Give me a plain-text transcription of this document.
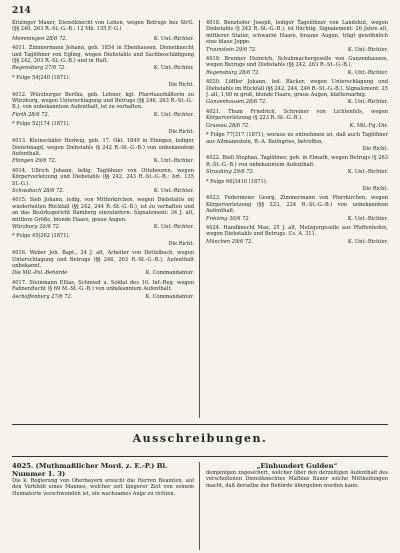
214

Kitzinger Maxer, Dienstknecht von Lehen, wegen Betrugs bez StrG. (§§ 240, 263 R.-St.-G.-B.; 12 Mk. 135 F.-G.)

Memmingen 28/6 72.	K. Unt.-Richter.

4011. Zimmermann Johann, geb. 1854 in Ebenhausen, Dienstknecht und Taglöhner von Egling, wegen Diebstahls und Sachbeschädigung (§§ 242, 303 R.-St.-G.-B.) und in Haft.

Regensburg 27/6 72.	K. Unt.-Richter.

* Folge 54|240 (1871).

Die Richt.

4012. Würzburger Bertha, geb. Lehner, kgl. Pfarrhaushälterin zu Würzburg, wegen Unterschlagung und Betrugs (§§ 246, 263 R.-St.-G.-B.), von unbekanntem Aufenthalt, ist zu verhaften.

Fürth 28/6 72.	K. Unt.-Richter.

* Folge 52|174 (1871).

Die Richt.

4013. Kleinschäfer Hedwig, geb. 17. Okt. 1849 in Ehingen, lediger Dienstmagd, wegen Diebstahls (§ 242 R.-St.-G.-B.) von unbekanntem Aufenthalt.

Ehingen 29/6 72.	K. Unt.-Richter.

4014. Ullrich Johann, ledig, Taglöhner von Ottobeuren, wegen Körperverletzung und Diebstahls (§§ 242, 243 R.-St.-G.-B.; Art. 135 St.-G.).

Schwabach 28/6 72.	K. Unt.-Richter.

4015. Sieb Johann, ledig, von Mitterkirchen, wegen Diebstahls im wiederholten Rückfall (§§ 242, 244 R.-St.-G.-B.), ist zu verhaften und an das Bezirksgericht Bamberg einzuliefern. Signalement: 34 J. alt, mittlere Größe, blonde Haare, graue Augen.

Würzburg 26/6 72.	K. Unt.-Richter.

* Folge 45|262 (1871).

Die Richt.

4016. Weber Joh. Bapt., 24 J. alt, Arbeiter von Dettelbach, wegen Unterschlagung und Betrugs (§§ 246, 263 R.-St.-G.-B.), Aufenthalt unbekannt.

Die Mil.-Pol.-Behörde	K. Commandantur.

4017. Steinmann Ellias, Schmied u. Soldat des 10. Inf.-Reg. wegen Fahnenflucht (§ 69 M.-St.-G.-B.) von unbekanntem Aufenthalt.

Aschaffenburg 27/6 72.	K. Commandantur.

4018. Benzhofer Joseph, lediger Tagelöhner von Landshut, wegen Diebstahls (§ 242 R.-St.-G.-B.), ist flüchtig. Signalement: 26 Jahre alt, mittlerer Statur, schwarze Haare, braune Augen, trägt gewöhnlich eine blaue Joppe.

Traunstein 29/6 72.	K. Unt.-Richter.

4019. Brunner Heinrich, Schuhmachergeselle von Gunzenhausen, wegen Betrugs und Diebstahls (§§ 242, 263 R.-St.-G.-B.).

Regensburg 28/6 72.	K. Unt.-Richter.

4020. Löffler Johann, led. Bäcker, wegen Unterschlagung und Diebstahls im Rückfall (§§ 242, 244, 246 R.-St.-G.-B.). Signalement: 25 J. alt, 1,60 m groß, blonde Haare, graue Augen, blatternarbig.

Gunzenhausen 28/6 72.	K. Unt.-Richter.

4021. Thum Friedrich, Schreiner von Lichtenfels, wegen Körperverletzung (§ 223 R.-St.-G.-B.).

Grassau 28/6 72.	K. Mil.-Fg.-Dir.

* Folge 77|317 (1871), woraus zu entnehmen ist, daß auch Taglöhner aus Altmannstein, B.-A. Beilngries, betroffen.

Die Richt.

4022. Biell Stephan, Taglöhner, geb. in Ebnath, wegen Betrugs (§ 263 R.-St.-G.-B.) von unbekanntem Aufenthalt.

Straubing 29/6 72.	K. Unt.-Richter.

* Folge 66|3410 (1871).

Die Richt.

4023. Federmeier Georg, Zimmermann von Pfarrkirchen, wegen Körperverletzung (§§ 223, 224 R.-St.-G.-B.) von unbekanntem Aufenthalt.

Freising 30/6 72.	K. Unt.-Richter.

4024. Handknecht Max, 25 J. alt, Metzgergeselle aus Pfaffenhofen, wegen Diebstahls und Betrugs. Cs. A. 311.

München 29/6 72.	K. Unt.-Richter.
Ausschreibungen.
4025. (Muthmaßlicher Mord. z. E.-P.) Bl. Nummer 1. 3)

Die k. Regierung von Oberbayern ersucht die Herren Beamten, auf den Verbleib eines Mannes, welcher seit längerer Zeit von seinem Heimatorte verschwunden ist, ein wachsames Auge zu richten.

„Einhundert Gulden“

demjenigen zugesichert, welcher über den derzeitigen Aufenthalt des verschollenen Dienstknechtes Mathias Bauer solche Mittheilungen macht, daß derselbe der Behörde übergeben werden kann.
